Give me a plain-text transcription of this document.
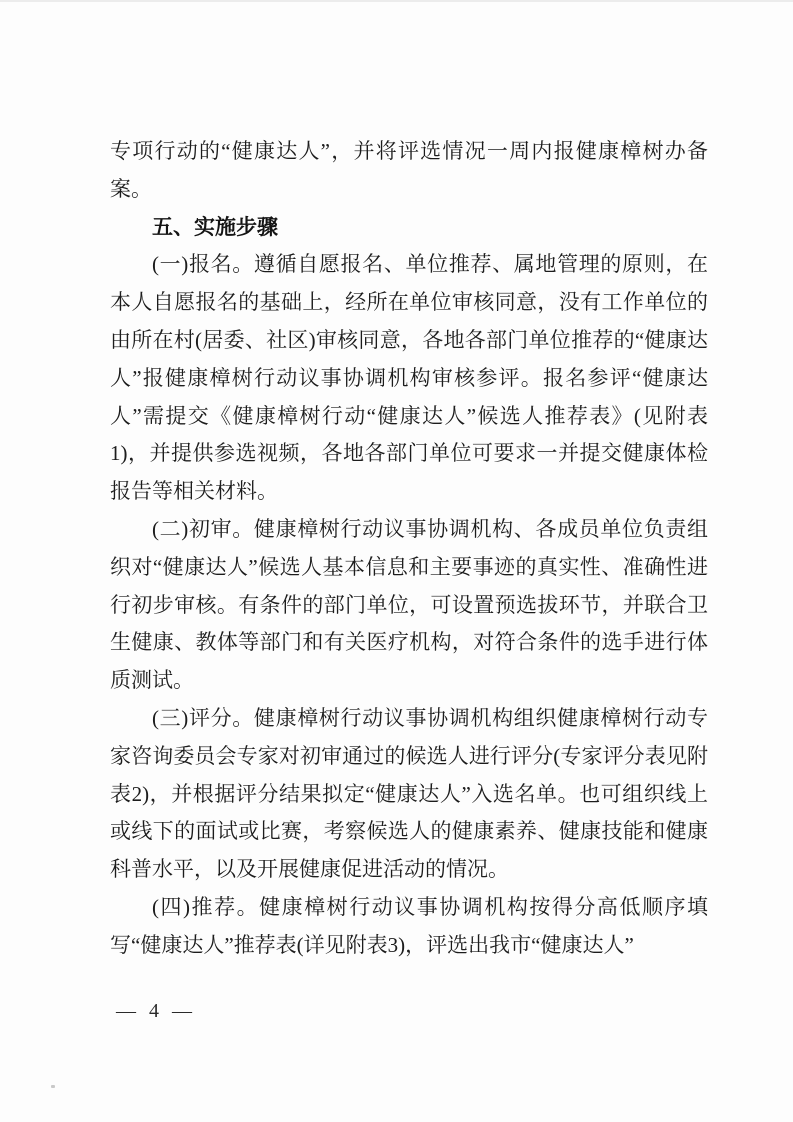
专项行动的“健康达人”，并将评选情况一周内报健康樟树办备案。

五、实施步骤

(一)报名。遵循自愿报名、单位推荐、属地管理的原则，在本人自愿报名的基础上，经所在单位审核同意，没有工作单位的由所在村(居委、社区)审核同意，各地各部门单位推荐的“健康达人”报健康樟树行动议事协调机构审核参评。报名参评“健康达人”需提交《健康樟树行动“健康达人”候选人推荐表》(见附表1)，并提供参选视频，各地各部门单位可要求一并提交健康体检报告等相关材料。

(二)初审。健康樟树行动议事协调机构、各成员单位负责组织对“健康达人”候选人基本信息和主要事迹的真实性、准确性进行初步审核。有条件的部门单位，可设置预选拔环节，并联合卫生健康、教体等部门和有关医疗机构，对符合条件的选手进行体质测试。

(三)评分。健康樟树行动议事协调机构组织健康樟树行动专家咨询委员会专家对初审通过的候选人进行评分(专家评分表见附表2)，并根据评分结果拟定“健康达人”入选名单。也可组织线上或线下的面试或比赛，考察候选人的健康素养、健康技能和健康科普水平，以及开展健康促进活动的情况。

(四)推荐。健康樟树行动议事协调机构按得分高低顺序填写“健康达人”推荐表(详见附表3)，评选出我市“健康达人”

— 4 —
